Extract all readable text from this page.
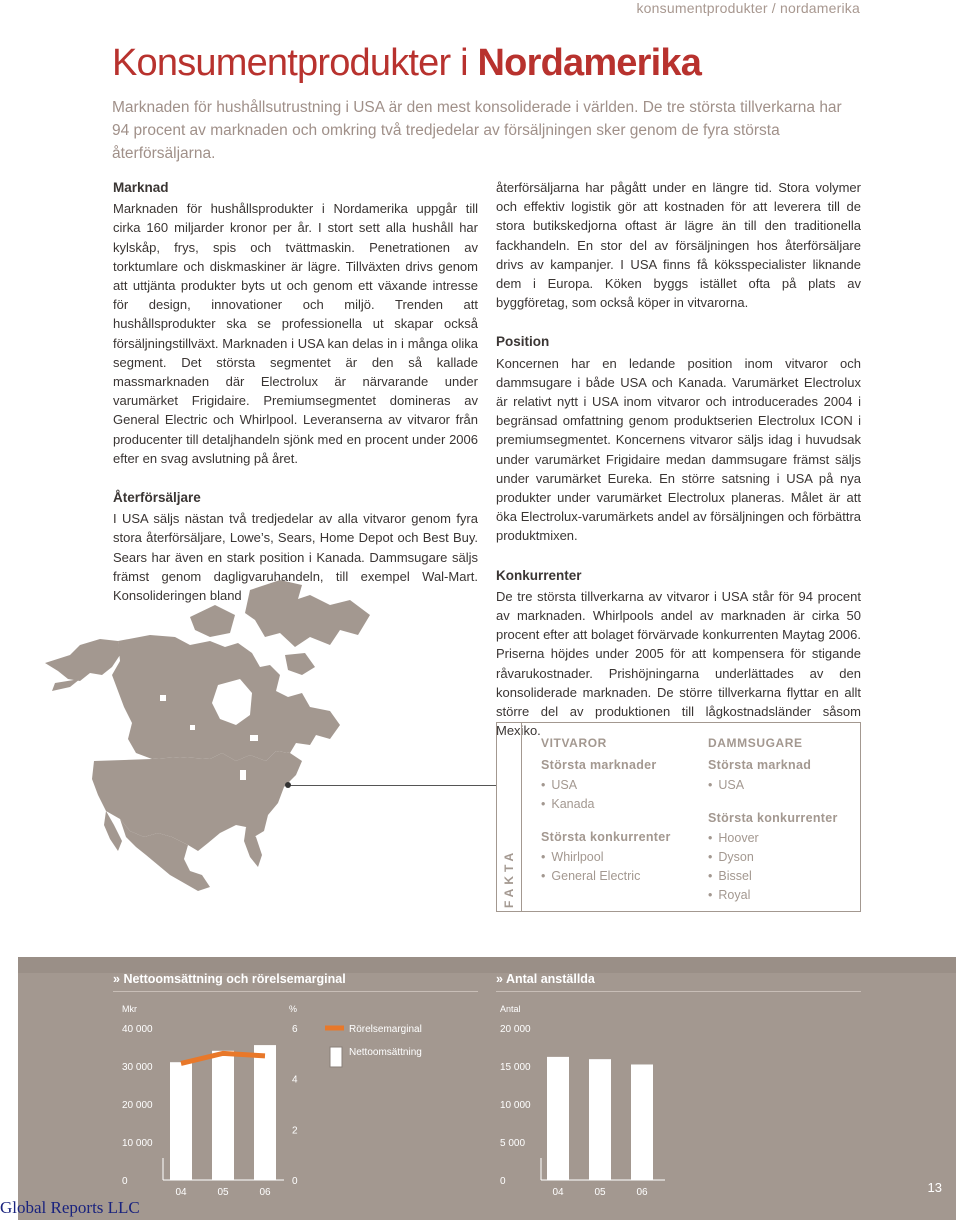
konsumentprodukter / nordamerika
Konsumentprodukter i Nordamerika

Marknaden för hushållsutrustning i USA är den mest konsoliderade i världen. De tre största tillverkarna har 94 procent av marknaden och omkring två tredjedelar av försäljningen sker genom de fyra största återförsäljarna.

Marknad

Marknaden för hushållsprodukter i Nordamerika uppgår till cirka 160 miljarder kronor per år. I stort sett alla hushåll har kylskåp, frys, spis och tvättmaskin. Penetrationen av torktumlare och diskmaskiner är lägre. Tillväxten drivs genom att uttjänta produkter byts ut och genom ett växande intresse för design, innovationer och miljö. Trenden att hushållsprodukter ska se professionella ut skapar också försäljningstillväxt. Marknaden i USA kan delas in i många olika segment. Det största segmentet är den så kallade massmarknaden där Electrolux är närvarande under varumärket Frigidaire. Premiumsegmentet domineras av General Electric och Whirlpool. Leveranserna av vitvaror från producenter till detaljhandeln sjönk med en procent under 2006 efter en svag avslutning på året.

Återförsäljare

I USA säljs nästan två tredjedelar av alla vitvaror genom fyra stora återförsäljare, Lowe’s, Sears, Home Depot och Best Buy. Sears har även en stark position i Kanada. Dammsugare säljs främst genom dagligvaruhandeln, till exempel Wal-Mart. Konsolideringen bland

återförsäljarna har pågått under en längre tid. Stora volymer och effektiv logistik gör att kostnaden för att leverera till de stora butikskedjorna oftast är lägre än till den traditionella fackhandeln. En stor del av försäljningen hos återförsäljare drivs av kampanjer. I USA finns få köksspecialister liknande dem i Europa. Köken byggs istället ofta på plats av byggföretag, som också köper in vitvarorna.

Position

Koncernen har en ledande position inom vitvaror och dammsugare i både USA och Kanada. Varumärket Electrolux är relativt nytt i USA inom vitvaror och introducerades 2004 i begränsad omfattning genom produktserien Electrolux ICON i premiumsegmentet. Koncernens vitvaror säljs idag i huvudsak under varumärket Frigidaire medan dammsugare främst säljs under varumärket Eureka. En större satsning i USA på nya produkter under varumärket Electrolux planeras. Målet är att öka Electrolux-varumärkets andel av försäljningen och förbättra produktmixen.

Konkurrenter

De tre största tillverkarna av vitvaror i USA står för 94 procent av marknaden. Whirlpools andel av marknaden är cirka 50 procent efter att bolaget förvärvade konkurrenten Maytag 2006. Priserna höjdes under 2005 för att kompensera för stigande råvarukostnader. Prishöjningarna underlättades av den konsoliderade marknaden. De större tillverkarna flyttar en allt större del av produktionen till lågkostnadsländer såsom Mexiko.

FAKTA
VITVAROR
Största marknader
• USA
• Kanada
Största konkurrenter
• Whirlpool
• General Electric
DAMMSUGARE
Största marknad
• USA
Största konkurrenter
• Hoover
• Dyson
• Bissel
• Royal
» Nettoomsättning och rörelsemarginal	» Antal anställda
Mkr	%
40 000
30 000
20 000
10 000
0
6
4
2
0
04	05	06
Rörelsemarginal
Nettoomsättning
Antal
20 000
15 000
10 000
5 000
0
04	05	06	13
Global Reports LLC
